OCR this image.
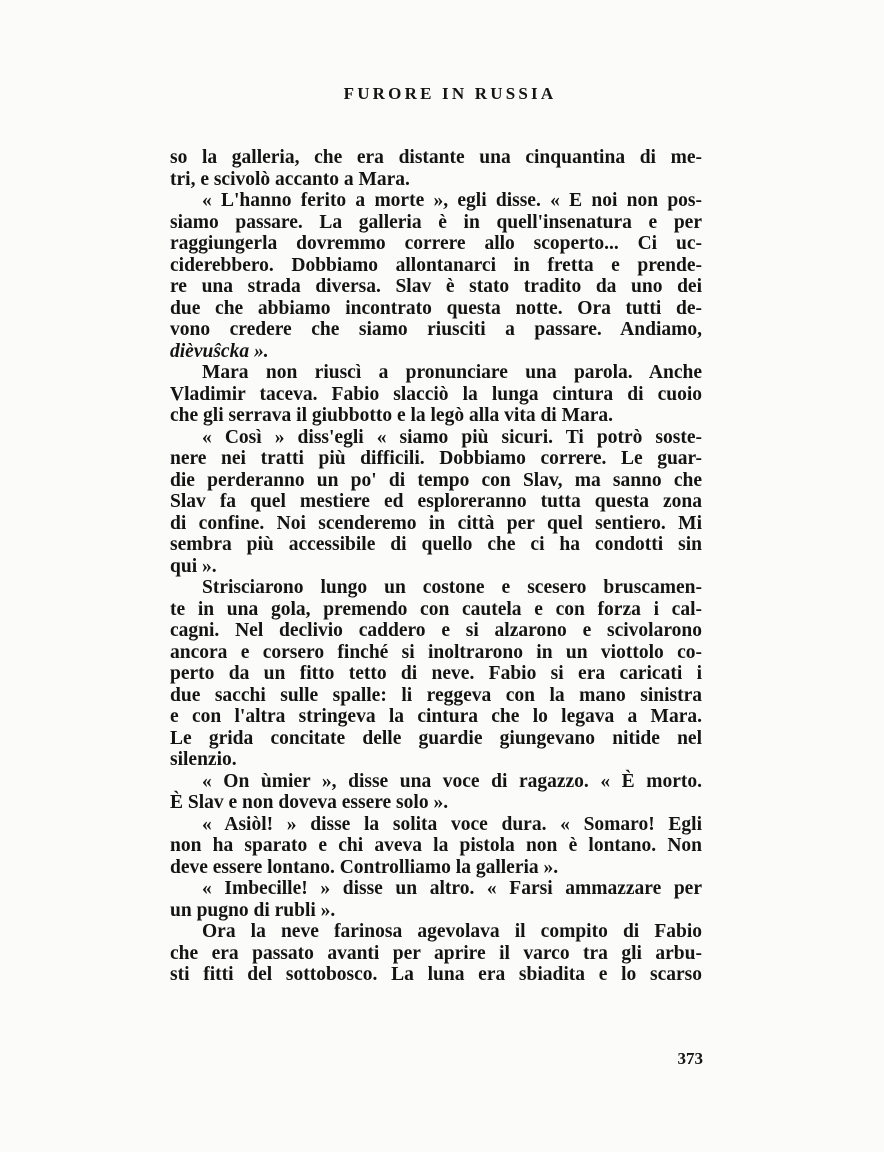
FURORE IN RUSSIA
so la galleria, che era distante una cinquantina di me-
tri, e scivolò accanto a Mara.
« L'hanno ferito a morte », egli disse. « E noi non pos-
siamo passare. La galleria è in quell'insenatura e per
raggiungerla dovremmo correre allo scoperto... Ci uc-
ciderebbero. Dobbiamo allontanarci in fretta e prende-
re una strada diversa. Slav è stato tradito da uno dei
due che abbiamo incontrato questa notte. Ora tutti de-
vono credere che siamo riusciti a passare. Andiamo,
dièvuŝcka ».
Mara non riuscì a pronunciare una parola. Anche
Vladimir taceva. Fabio slacciò la lunga cintura di cuoio
che gli serrava il giubbotto e la legò alla vita di Mara.
« Così » diss'egli « siamo più sicuri. Ti potrò soste-
nere nei tratti più difficili. Dobbiamo correre. Le guar-
die perderanno un po' di tempo con Slav, ma sanno che
Slav fa quel mestiere ed esploreranno tutta questa zona
di confine. Noi scenderemo in città per quel sentiero. Mi
sembra più accessibile di quello che ci ha condotti sin
qui ».
Strisciarono lungo un costone e scesero bruscamen-
te in una gola, premendo con cautela e con forza i cal-
cagni. Nel declivio caddero e si alzarono e scivolarono
ancora e corsero finché si inoltrarono in un viottolo co-
perto da un fitto tetto di neve. Fabio si era caricati i
due sacchi sulle spalle: li reggeva con la mano sinistra
e con l'altra stringeva la cintura che lo legava a Mara.
Le grida concitate delle guardie giungevano nitide nel
silenzio.
« On ùmier », disse una voce di ragazzo. « È morto.
È Slav e non doveva essere solo ».
« Asiòl! » disse la solita voce dura. « Somaro! Egli
non ha sparato e chi aveva la pistola non è lontano. Non
deve essere lontano. Controlliamo la galleria ».
« Imbecille! » disse un altro. « Farsi ammazzare per
un pugno di rubli ».
Ora la neve farinosa agevolava il compito di Fabio
che era passato avanti per aprire il varco tra gli arbu-
sti fitti del sottobosco. La luna era sbiadita e lo scarso
373
